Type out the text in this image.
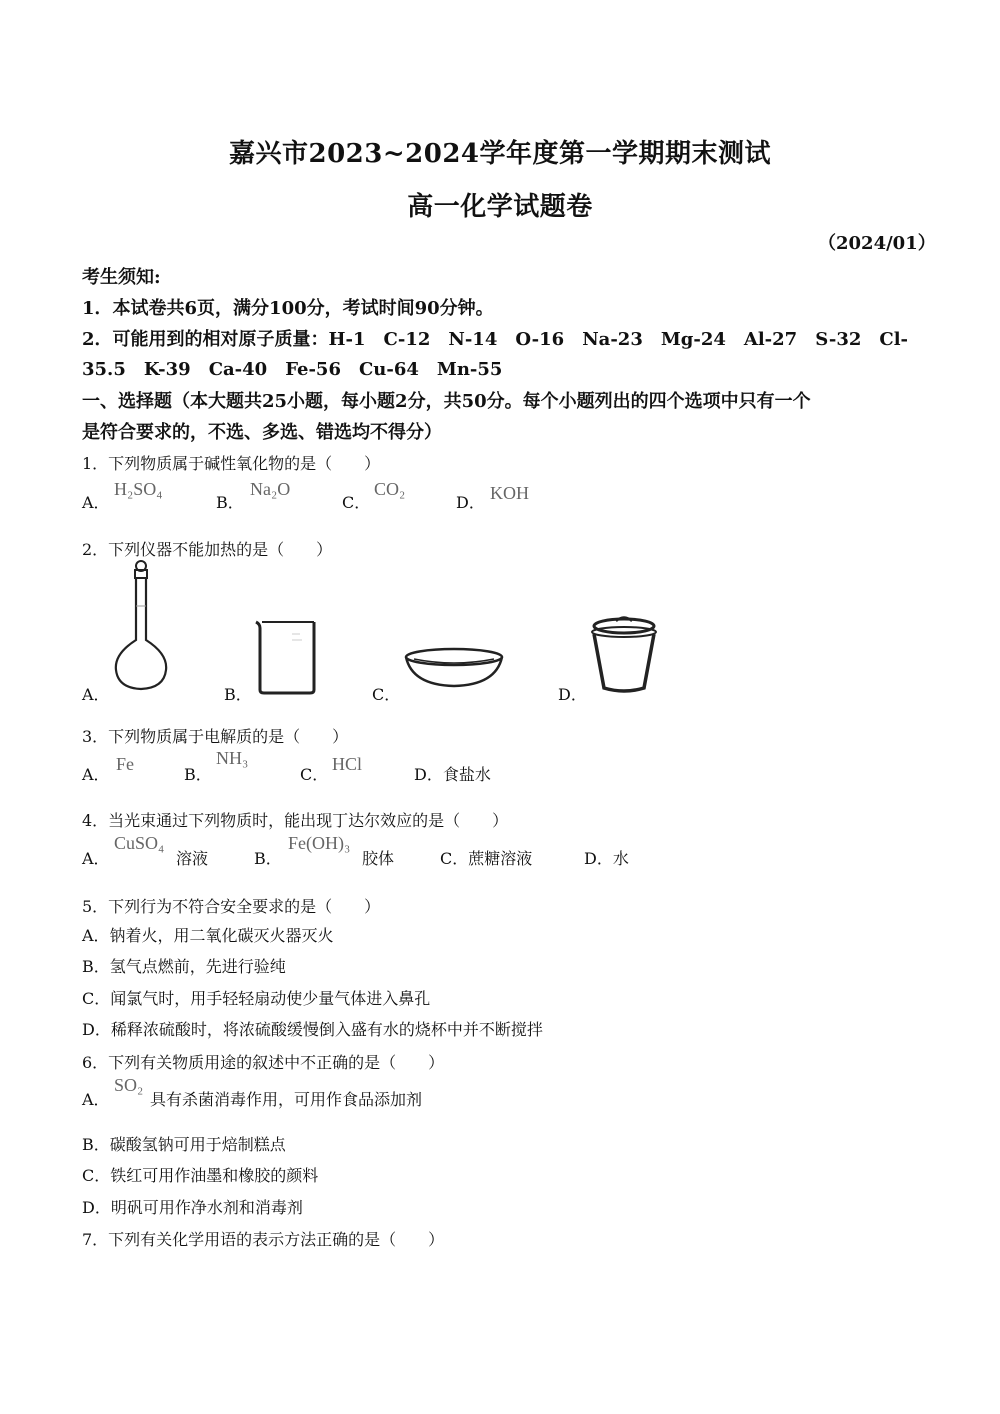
嘉兴市2023~2024学年度第一学期期末测试
高一化学试题卷
（2024/01）
考生须知:
1．本试卷共6页，满分100分，考试时间90分钟。
2．可能用到的相对原子质量：H-1　C-12　N-14　O-16　Na-23　Mg-24　Al-27　S-32　Cl-
35.5　K-39　Ca-40　Fe-56　Cu-64　Mn-55
一、选择题（本大题共25小题，每小题2分，共50分。每个小题列出的四个选项中只有一个
是符合要求的，不选、多选、错选均不得分）
1．下列物质属于碱性氧化物的是（　　）
A．
H₂SO₄
B．
Na₂O
C．
CO₂
D． KOH
2．下列仪器不能加热的是（　　）
A．	B．	C．	D．
3．下列物质属于电解质的是（　　）
A．
Fe
B．
NH₃
C．
HCl
D．食盐水
4．当光束通过下列物质时，能出现丁达尔效应的是（　　）
A．
CuSO₄
溶液	B．
Fe(OH)₃
胶体	C．蔗糖溶液	D．水
5．下列行为不符合安全要求的是（　　）
A．钠着火，用二氧化碳灭火器灭火
B．氢气点燃前，先进行验纯
C．闻氯气时，用手轻轻扇动使少量气体进入鼻孔
D．稀释浓硫酸时，将浓硫酸缓慢倒入盛有水的烧杯中并不断搅拌
6．下列有关物质用途的叙述中不正确的是（　　）
A．
SO₂
具有杀菌消毒作用，可用作食品添加剂
B．碳酸氢钠可用于焙制糕点
C．铁红可用作油墨和橡胶的颜料
D．明矾可用作净水剂和消毒剂
7．下列有关化学用语的表示方法正确的是（　　）
